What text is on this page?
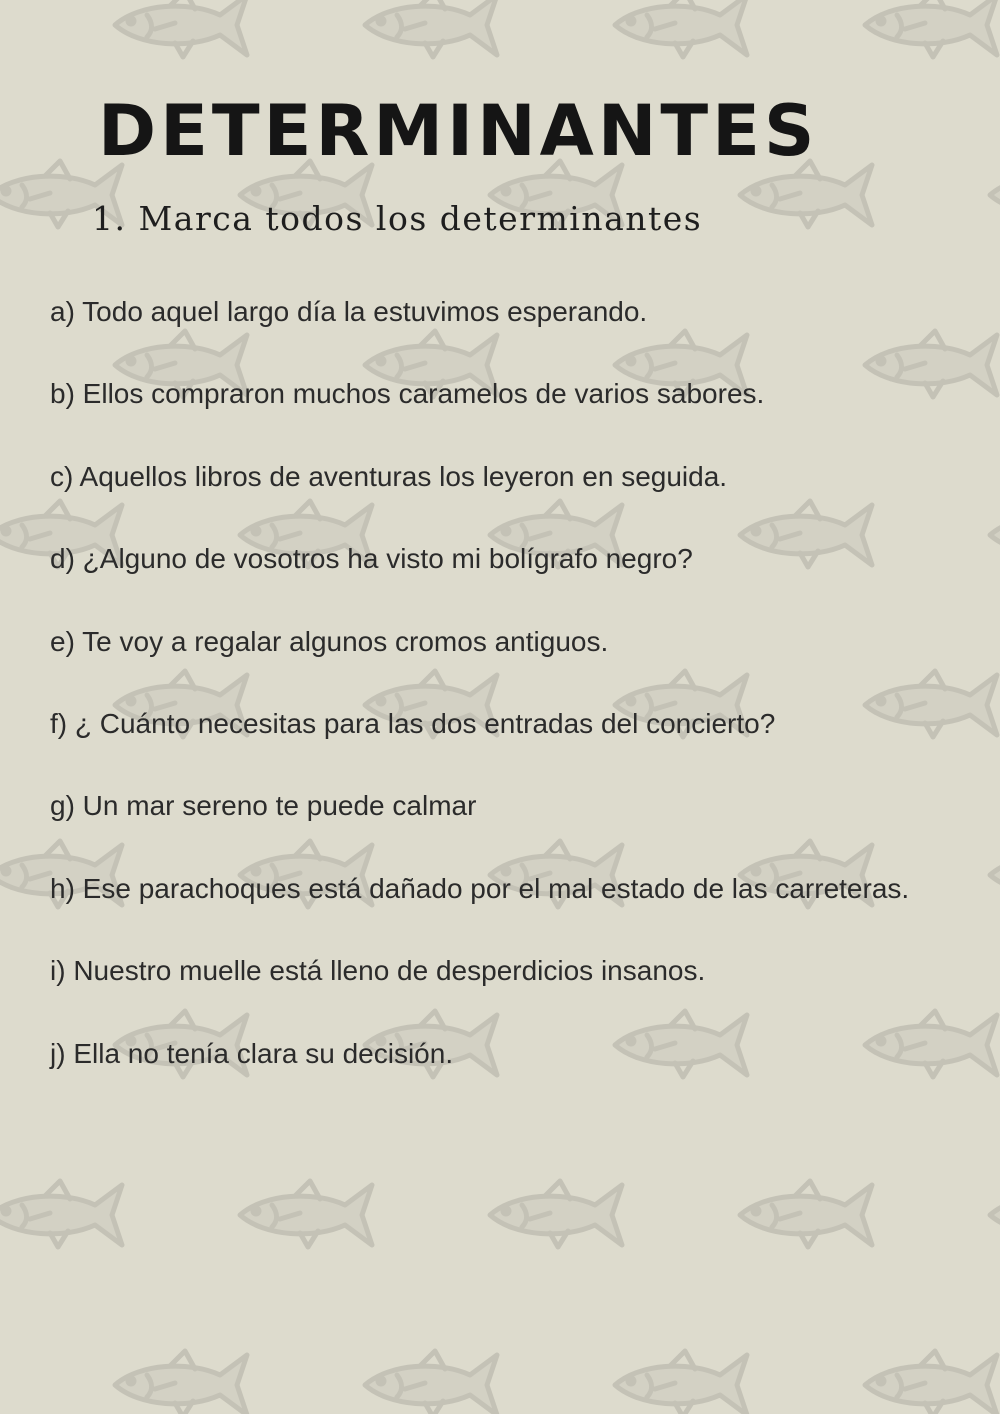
DETERMINANTES
1. Marca todos los determinantes
a) Todo aquel largo día la estuvimos esperando.
b) Ellos compraron muchos caramelos de varios sabores.
c) Aquellos libros de aventuras los leyeron en seguida.
d) ¿Alguno de vosotros ha visto mi bolígrafo negro?
e) Te voy a regalar algunos cromos antiguos.
f) ¿ Cuánto necesitas para las dos entradas del concierto?
g) Un mar sereno te puede calmar
h) Ese parachoques está dañado por el mal estado de las carreteras.
i) Nuestro muelle está lleno de desperdicios insanos.
j) Ella no tenía clara su decisión.
